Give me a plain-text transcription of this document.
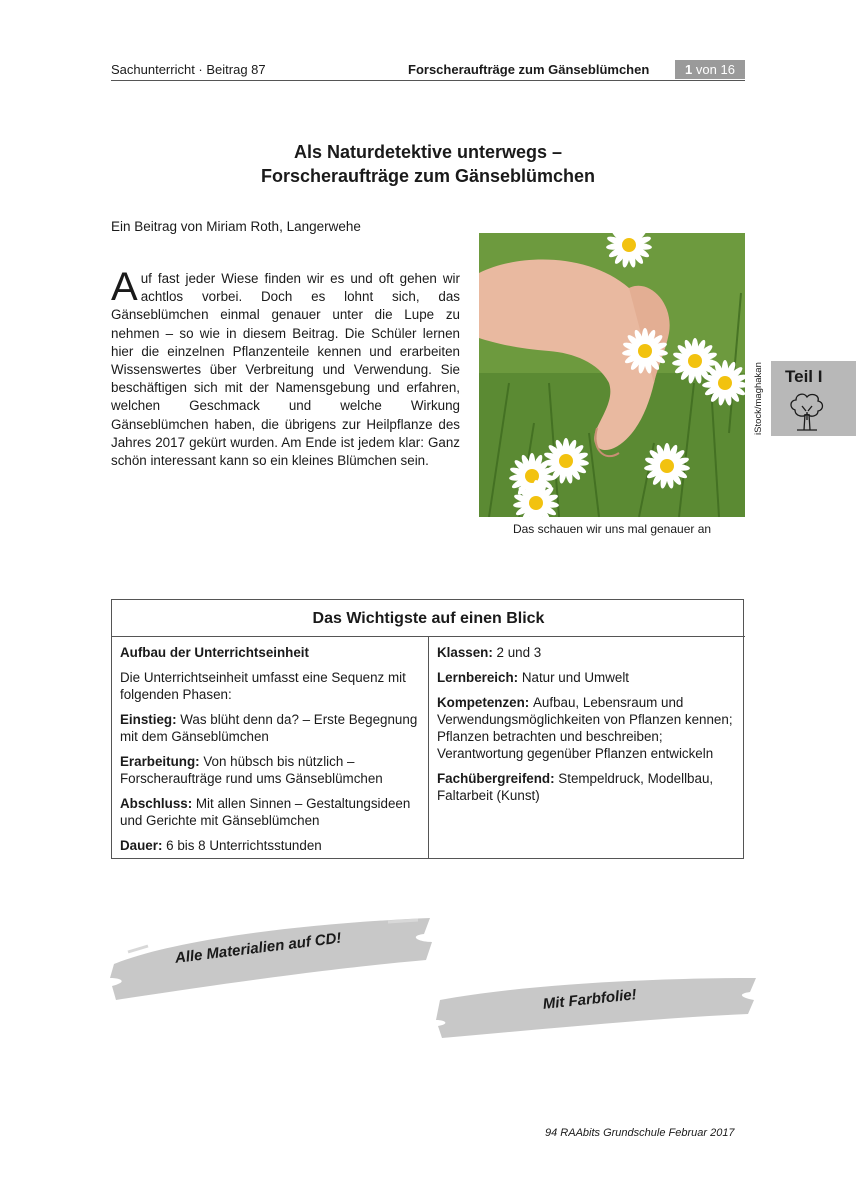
Sachunterricht · Beitrag 87	Forscheraufträge zum Gänseblümchen	1 von 16
Als Naturdetektive unterwegs –
Forscheraufträge zum Gänseblümchen
Ein Beitrag von Miriam Roth, Langerwehe
Auf fast jeder Wiese finden wir es und oft gehen wir achtlos vorbei. Doch es lohnt sich, das Gänseblümchen einmal genauer unter die Lupe zu nehmen – so wie in diesem Beitrag. Die Schüler lernen hier die einzelnen Pflanzenteile kennen und erarbeiten Wissenswertes über Verbreitung und Verwendung. Sie beschäftigen sich mit der Namensgebung und erfahren, welchen Geschmack und welche Wirkung Gänseblümchen haben, die übrigens zur Heilpflanze des Jahres 2017 gekürt wurden. Am Ende ist jedem klar: Ganz schön interessant kann so ein kleines Blümchen sein.
iStock/maghakan
Das schauen wir uns mal genauer an
Teil I
Das Wichtigste auf einen Blick

Aufbau der Unterrichtseinheit

Die Unterrichtseinheit umfasst eine Sequenz mit folgenden Phasen:

Einstieg: Was blüht denn da? – Erste Begegnung mit dem Gänseblümchen

Erarbeitung: Von hübsch bis nützlich – Forscheraufträge rund ums Gänseblümchen

Abschluss: Mit allen Sinnen – Gestaltungsideen und Gerichte mit Gänseblümchen

Dauer: 6 bis 8 Unterrichtsstunden

Klassen: 2 und 3

Lernbereich: Natur und Umwelt

Kompetenzen: Aufbau, Lebensraum und Verwendungsmöglichkeiten von Pflanzen kennen; Pflanzen betrachten und beschreiben; Verantwortung gegenüber Pflanzen entwickeln

Fachübergreifend: Stempeldruck, Modellbau, Faltarbeit (Kunst)

Alle Materialien auf CD!
Mit Farbfolie!
94 RAAbits Grundschule Februar 2017
